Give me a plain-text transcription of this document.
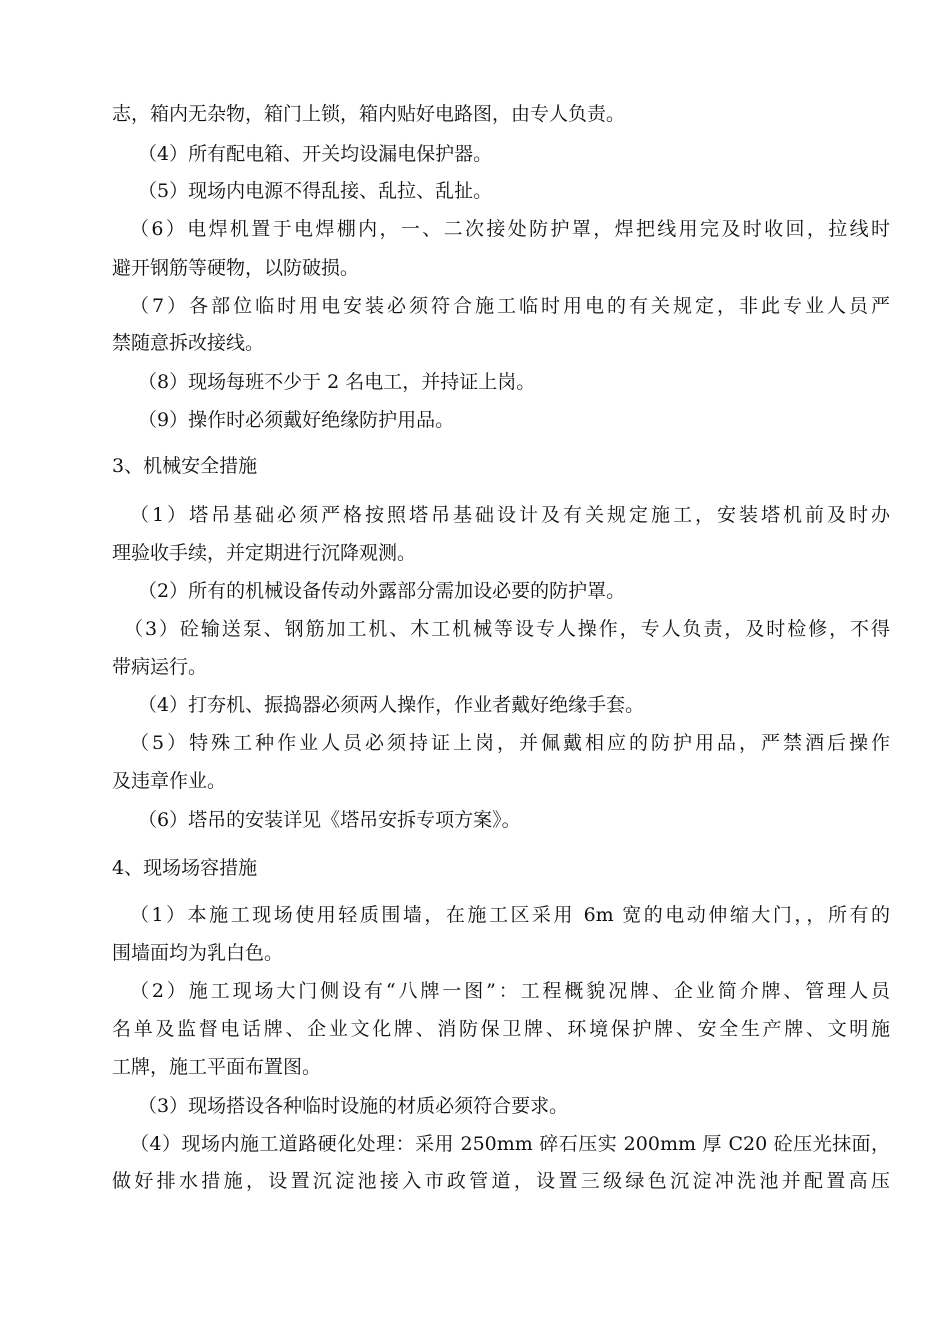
志，箱内无杂物，箱门上锁，箱内贴好电路图，由专人负责。
（4）所有配电箱、开关均设漏电保护器。
（5）现场内电源不得乱接、乱拉、乱扯。
（6）电焊机置于电焊棚内，一、二次接处防护罩，焊把线用完及时收回，拉线时
避开钢筋等硬物，以防破损。
（7）各部位临时用电安装必须符合施工临时用电的有关规定，非此专业人员严
禁随意拆改接线。
（8）现场每班不少于 2 名电工，并持证上岗。
（9）操作时必须戴好绝缘防护用品。
3、机械安全措施
（1）塔吊基础必须严格按照塔吊基础设计及有关规定施工，安装塔机前及时办
理验收手续，并定期进行沉降观测。
（2）所有的机械设备传动外露部分需加设必要的防护罩。
（3）砼输送泵、钢筋加工机、木工机械等设专人操作，专人负责，及时检修，不得
带病运行。
（4）打夯机、振捣器必须两人操作，作业者戴好绝缘手套。
（5）特殊工种作业人员必须持证上岗，并佩戴相应的防护用品，严禁酒后操作
及违章作业。
（6）塔吊的安装详见《塔吊安拆专项方案》。
4、现场场容措施
（1）本施工现场使用轻质围墙，在施工区采用 6m 宽的电动伸缩大门，，所有的
围墙面均为乳白色。
（2）施工现场大门侧设有“八牌一图”：工程概貌况牌、企业简介牌、管理人员
名单及监督电话牌、企业文化牌、消防保卫牌、环境保护牌、安全生产牌、文明施
工牌，施工平面布置图。
（3）现场搭设各种临时设施的材质必须符合要求。
（4）现场内施工道路硬化处理：采用 250mm 碎石压实 200mm 厚 C20 砼压光抹面，
做好排水措施，设置沉淀池接入市政管道，设置三级绿色沉淀冲洗池并配置高压
